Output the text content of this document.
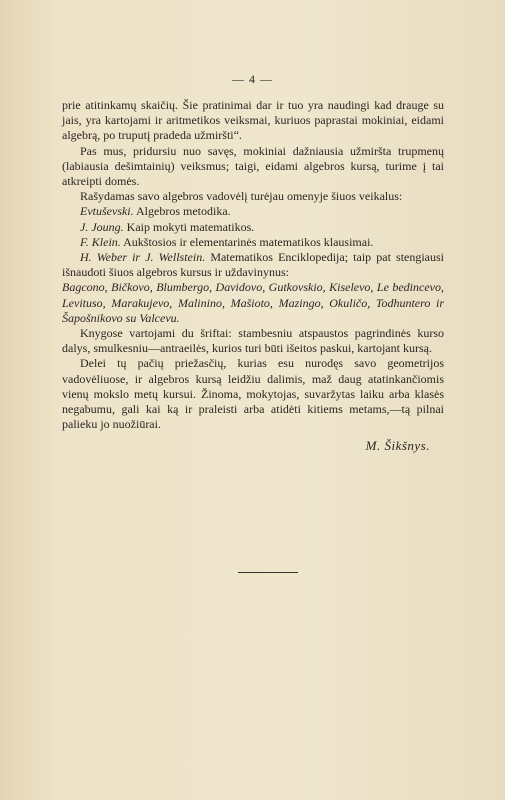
— 4 —

prie atitinkamų skaičių. Šie pratinimai dar ir tuo yra naudingi kad drauge su jais, yra kartojami ir aritmetikos veiksmai, kuriuos paprastai mokiniai, eidami algebrą, po truputį pradeda užmiršti“.

Pas mus, pridursiu nuo savęs, mokiniai dažniausia užmiršta trupmenų (labiausia dešimtainių) veiksmus; taigi, eidami algebros kursą, turime į tai atkreipti domės.

Rašydamas savo algebros vadovėlį turėjau omenyje šiuos veikalus:

Evtuševski. Algebros metodika.

J. Joung. Kaip mokyti matematikos.

F. Klein. Aukštosios ir elementarinės matematikos klausimai.

H. Weber ir J. Wellstein. Matematikos Enciklopedija; taip pat stengiausi išnaudoti šiuos algebros kursus ir uždavinynus:

Bagcono, Bičkovo, Blumbergo, Davidovo, Gutkovskio, Kiselevo, Le bedincevo, Levituso, Marakujevo, Malinino, Mašioto, Mazingo, Okuličo, Todhuntero ir Šapošnikovo su Valcevu.

Knygose vartojami du šriftai: stambesniu atspaustos pagrindinės kurso dalys, smulkesniu—antraeilės, kurios turi būti išeitos paskui, kartojant kursą.

Delei tų pačių priežasčių, kurias esu nurodęs savo geometrijos vadovėliuose, ir algebros kursą leidžiu dalimis, maž daug atatinkančiomis vienų mokslo metų kursui. Žinoma, mokytojas, suvaržytas laiku arba klasės negabumu, gali kai ką ir praleisti arba atidėti kitiems metams,—tą pilnai palieku jo nuožiūrai.

M. Šikšnys.
